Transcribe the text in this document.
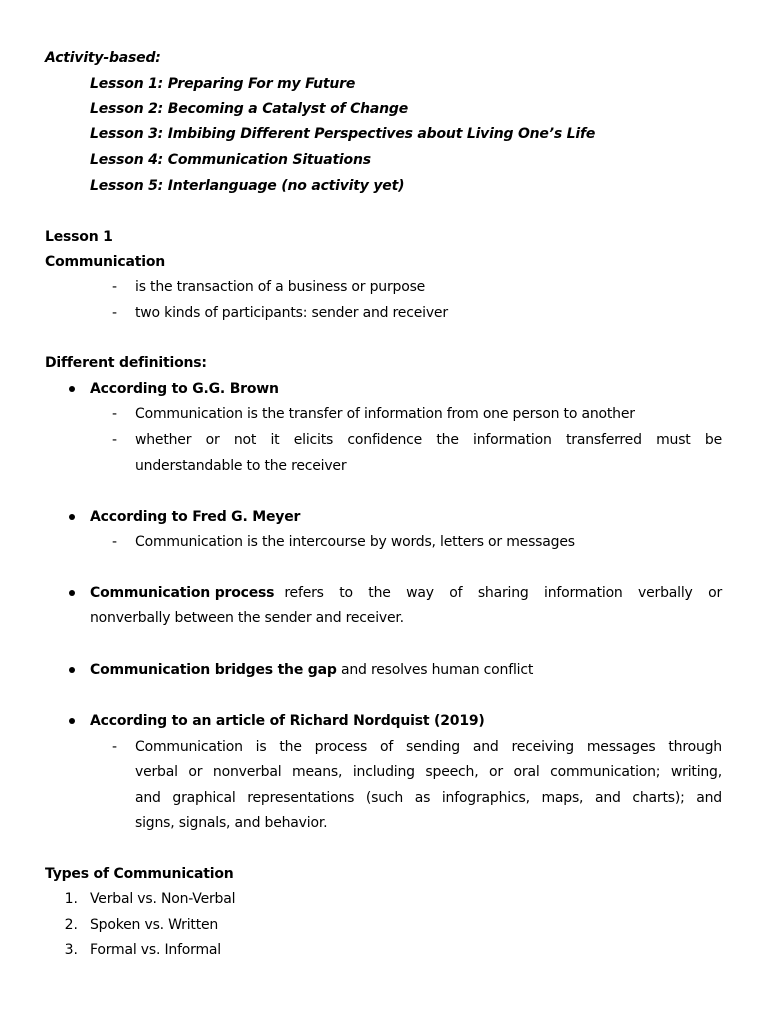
Activity-based:
Lesson 1: Preparing For my Future
Lesson 2: Becoming a Catalyst of Change
Lesson 3: Imbibing Different Perspectives about Living One’s Life
Lesson 4: Communication Situations
Lesson 5: Interlanguage (no activity yet)
Lesson 1
Communication
- is the transaction of a business or purpose
- two kinds of participants: sender and receiver
Different definitions:
According to G.G. Brown
- Communication is the transfer of information from one person to another
- whether or not it elicits confidence the information transferred must be
understandable to the receiver
According to Fred G. Meyer
- Communication is the intercourse by words, letters or messages
Communication process refers to the way of sharing information verbally or
nonverbally between the sender and receiver.
Communication bridges the gap and resolves human conflict
According to an article of Richard Nordquist (2019)
- Communication is the process of sending and receiving messages through
verbal or nonverbal means, including speech, or oral communication; writing,
and graphical representations (such as infographics, maps, and charts); and
signs, signals, and behavior.
Types of Communication
1. Verbal vs. Non-Verbal
2. Spoken vs. Written
3. Formal vs. Informal
